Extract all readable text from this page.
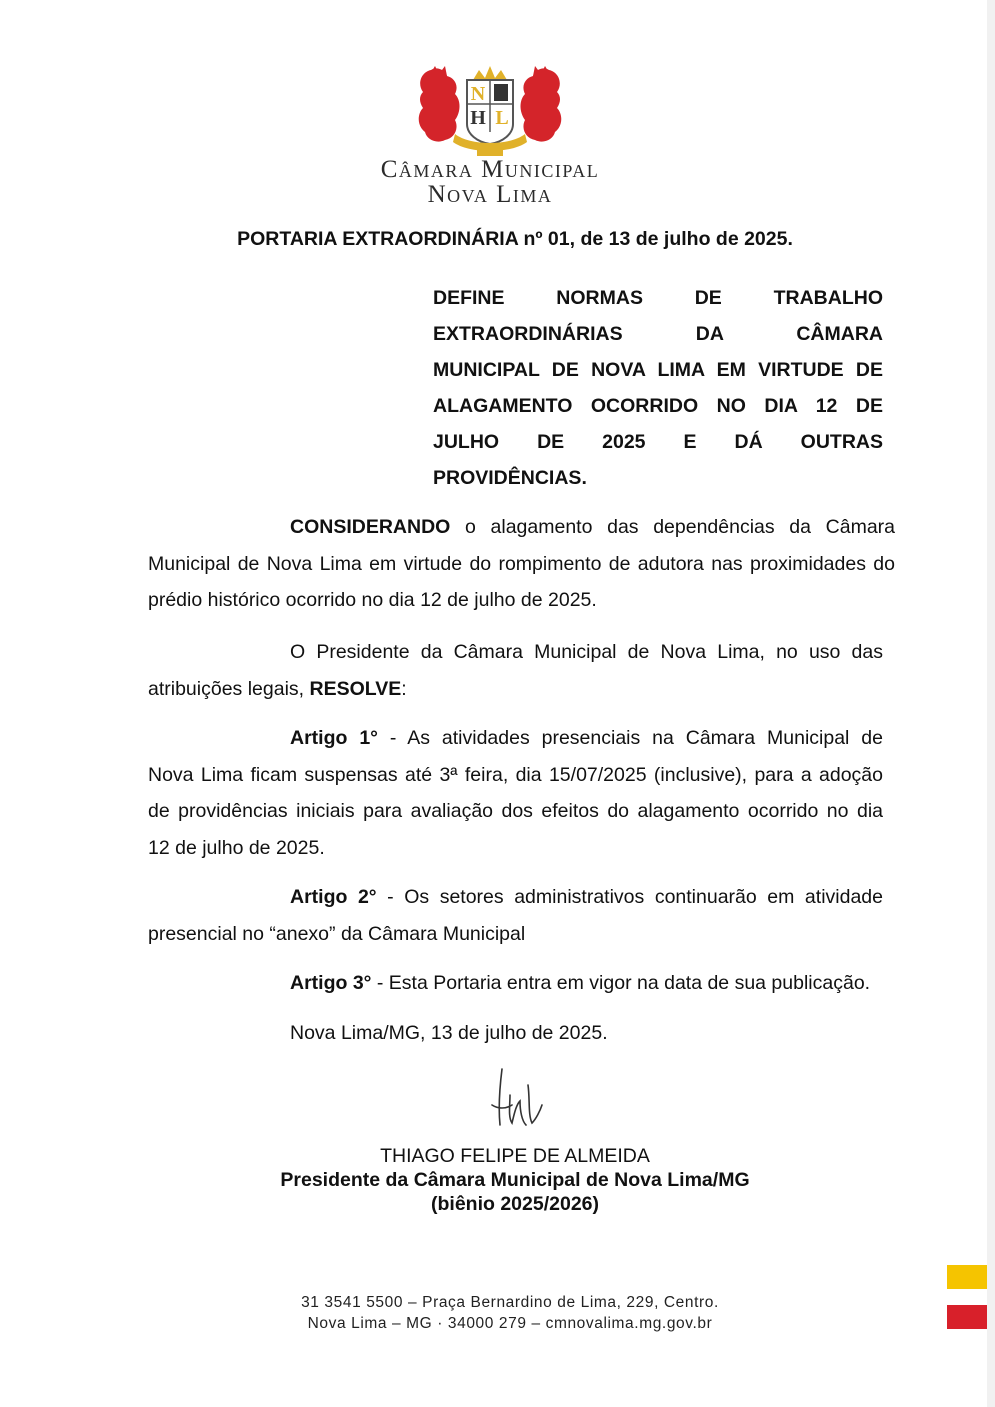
N
H L
Câmara Municipal
Nova Lima
PORTARIA EXTRAORDINÁRIA nº 01, de 13 de julho de 2025.
DEFINE NORMAS DE TRABALHO
EXTRAORDINÁRIAS DA CÂMARA
MUNICIPAL DE NOVA LIMA EM VIRTUDE DE
ALAGAMENTO OCORRIDO NO DIA 12 DE
JULHO DE 2025 E DÁ OUTRAS
PROVIDÊNCIAS.
CONSIDERANDO o alagamento das dependências da Câmara
Municipal de Nova Lima em virtude do rompimento de adutora nas proximidades do
prédio histórico ocorrido no dia 12 de julho de 2025.
O Presidente da Câmara Municipal de Nova Lima, no uso das
atribuições legais, RESOLVE:
Artigo 1° - As atividades presenciais na Câmara Municipal de
Nova Lima ficam suspensas até 3ª feira, dia 15/07/2025 (inclusive), para a adoção
de providências iniciais para avaliação dos efeitos do alagamento ocorrido no dia
12 de julho de 2025.
Artigo 2° - Os setores administrativos continuarão em atividade
presencial no “anexo” da Câmara Municipal
Artigo 3° - Esta Portaria entra em vigor na data de sua publicação.
Nova Lima/MG, 13 de julho de 2025.
THIAGO FELIPE DE ALMEIDA
Presidente da Câmara Municipal de Nova Lima/MG
(biênio 2025/2026)
31 3541 5500 – Praça Bernardino de Lima, 229, Centro.
Nova Lima – MG · 34000 279 – cmnovalima.mg.gov.br
